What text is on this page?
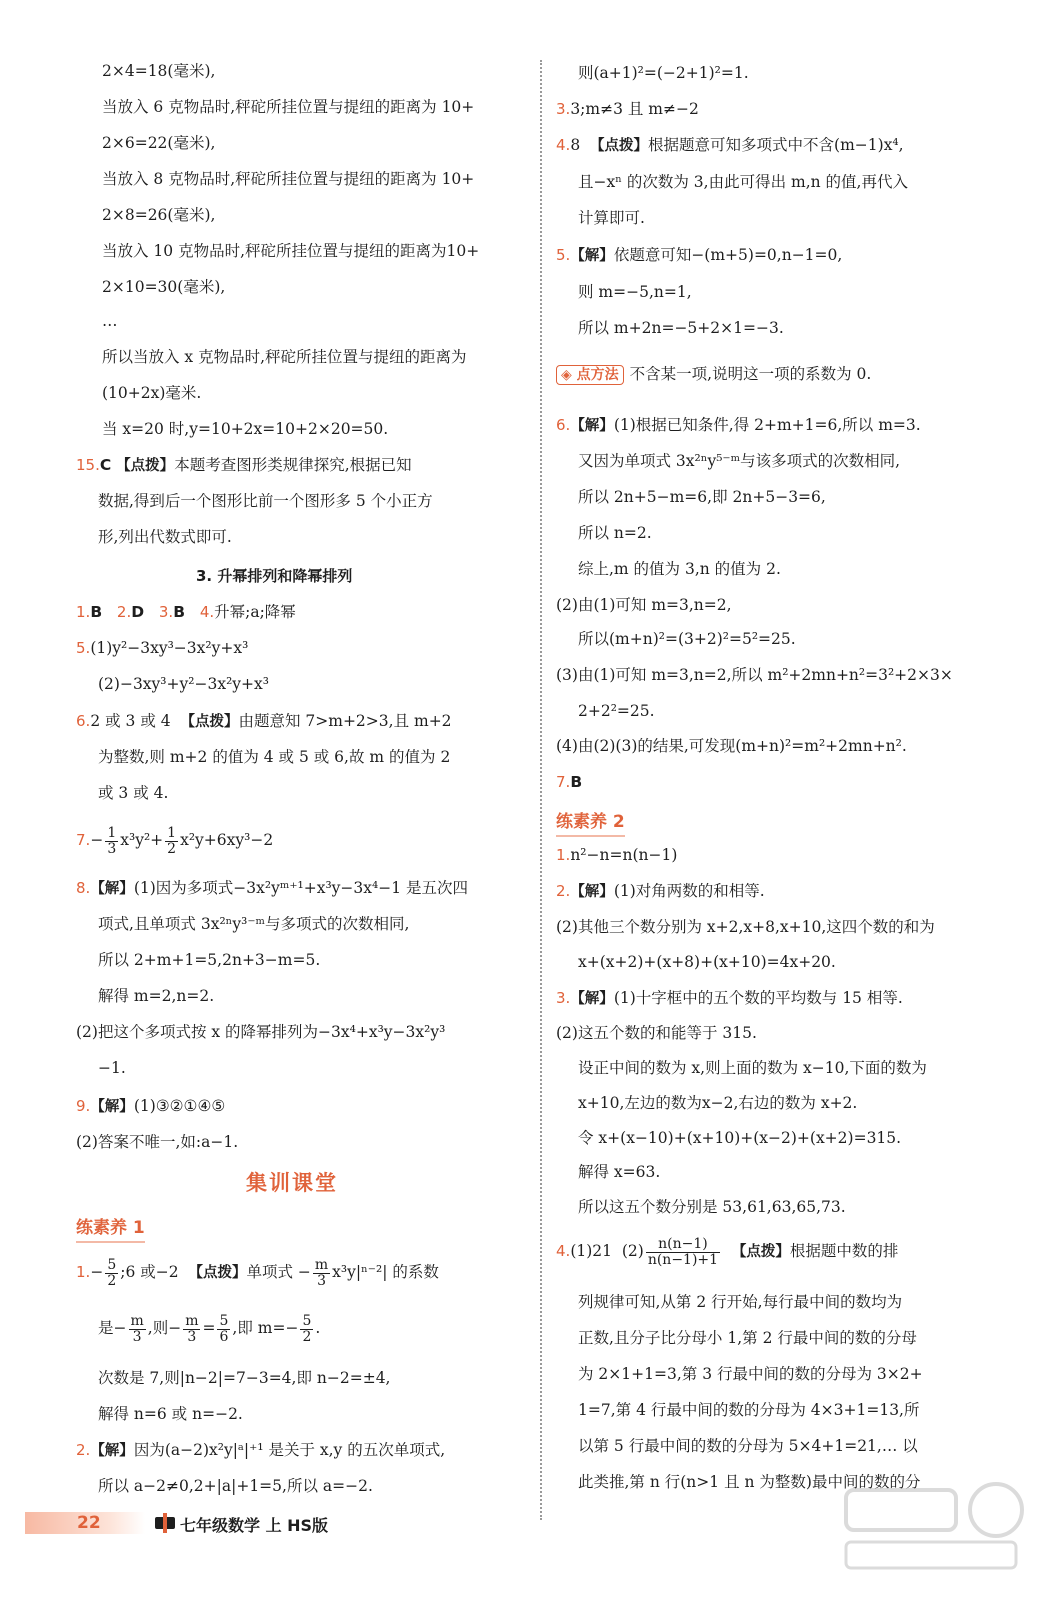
2×4=18(毫米),
当放入 6 克物品时,秤砣所挂位置与提纽的距离为 10+
2×6=22(毫米),
当放入 8 克物品时,秤砣所挂位置与提纽的距离为 10+
2×8=26(毫米),
当放入 10 克物品时,秤砣所挂位置与提纽的距离为10+
2×10=30(毫米),
…
所以当放入 x 克物品时,秤砣所挂位置与提纽的距离为
(10+2x)毫米.
当 x=20 时,y=10+2x=10+2×20=50.
15.C 【点拨】本题考查图形类规律探究,根据已知
数据,得到后一个图形比前一个图形多 5 个小正方
形,列出代数式即可.
3. 升幂排列和降幂排列
1.B 2.D 3.B 4.升幂;a;降幂
5.(1)y²−3xy³−3x²y+x³
(2)−3xy³+y²−3x²y+x³
6.2 或 3 或 4 【点拨】由题意知 7>m+2>3,且 m+2
为整数,则 m+2 的值为 4 或 5 或 6,故 m 的值为 2
或 3 或 4.
$7.- \frac{1}{3} x^3y^2+ \frac{1}{2} x^2y+6xy^3-2$
8.【解】(1)因为多项式−3x²yᵐ⁺¹+x³y−3x⁴−1 是五次四
项式,且单项式 3x²ⁿy³⁻ᵐ与多项式的次数相同,
所以 2+m+1=5,2n+3−m=5.
解得 m=2,n=2.
(2)把这个多项式按 x 的降幂排列为−3x⁴+x³y−3x²y³
−1.
9.【解】(1)③②①④⑤
(2)答案不唯一,如:a−1.
集训课堂
练素养 1
$1.- \frac{5}{2}$ ;6 或−2 【点拨】单项式 − $\frac{m}{3} x^3y|^{n-2}|$ 的系数
是− $\frac{m}{3}$ ,则− $\frac{m}{3} = \frac{5}{6}$ ,即 $m=- \frac{5}{2}$ .
次数是 7,则|n−2|=7−3=4,即 n−2=±4,
解得 n=6 或 n=−2.
2.【解】因为(a−2)x²y|ᵃ|⁺¹ 是关于 x,y 的五次单项式,
所以 a−2≠0,2+|a|+1=5,所以 a=−2.
则(a+1)²=(−2+1)²=1.
3.3;m≠3 且 m≠−2
4.8 【点拨】根据题意可知多项式中不含(m−1)x⁴,
且−xⁿ 的次数为 3,由此可得出 m,n 的值,再代入
计算即可.
5.【解】依题意可知−(m+5)=0,n−1=0,
则 m=−5,n=1,
所以 m+2n=−5+2×1=−3.
◈ 点方法 不含某一项,说明这一项的系数为 0.
6.【解】(1)根据已知条件,得 2+m+1=6,所以 m=3.
又因为单项式 3x²ⁿy⁵⁻ᵐ与该多项式的次数相同,
所以 2n+5−m=6,即 2n+5−3=6,
所以 n=2.
综上,m 的值为 3,n 的值为 2.
(2)由(1)可知 m=3,n=2,
所以(m+n)²=(3+2)²=5²=25.
(3)由(1)可知 m=3,n=2,所以 m²+2mn+n²=3²+2×3×
2+2²=25.
(4)由(2)(3)的结果,可发现(m+n)²=m²+2mn+n².
7.B
练素养 2
1.n²−n=n(n−1)
2.【解】(1)对角两数的和相等.
(2)其他三个数分别为 x+2,x+8,x+10,这四个数的和为
x+(x+2)+(x+8)+(x+10)=4x+20.
3.【解】(1)十字框中的五个数的平均数与 15 相等.
(2)这五个数的和能等于 315.
设正中间的数为 x,则上面的数为 x−10,下面的数为
x+10,左边的数为x−2,右边的数为 x+2.
令 x+(x−10)+(x+10)+(x−2)+(x+2)=315.
解得 x=63.
所以这五个数分别是 53,61,63,65,73.
4.(1)21 $(2) \frac{n(n-1)}{n(n-1)+1}$ 【点拨】根据题中数的排
列规律可知,从第 2 行开始,每行最中间的数均为
正数,且分子比分母小 1,第 2 行最中间的数的分母
为 2×1+1=3,第 3 行最中间的数的分母为 3×2+
1=7,第 4 行最中间的数的分母为 4×3+1=13,所
以第 5 行最中间的数的分母为 5×4+1=21,… 以
此类推,第 n 行(n>1 且 n 为整数)最中间的数的分
22	七年级数学 上 HS版
